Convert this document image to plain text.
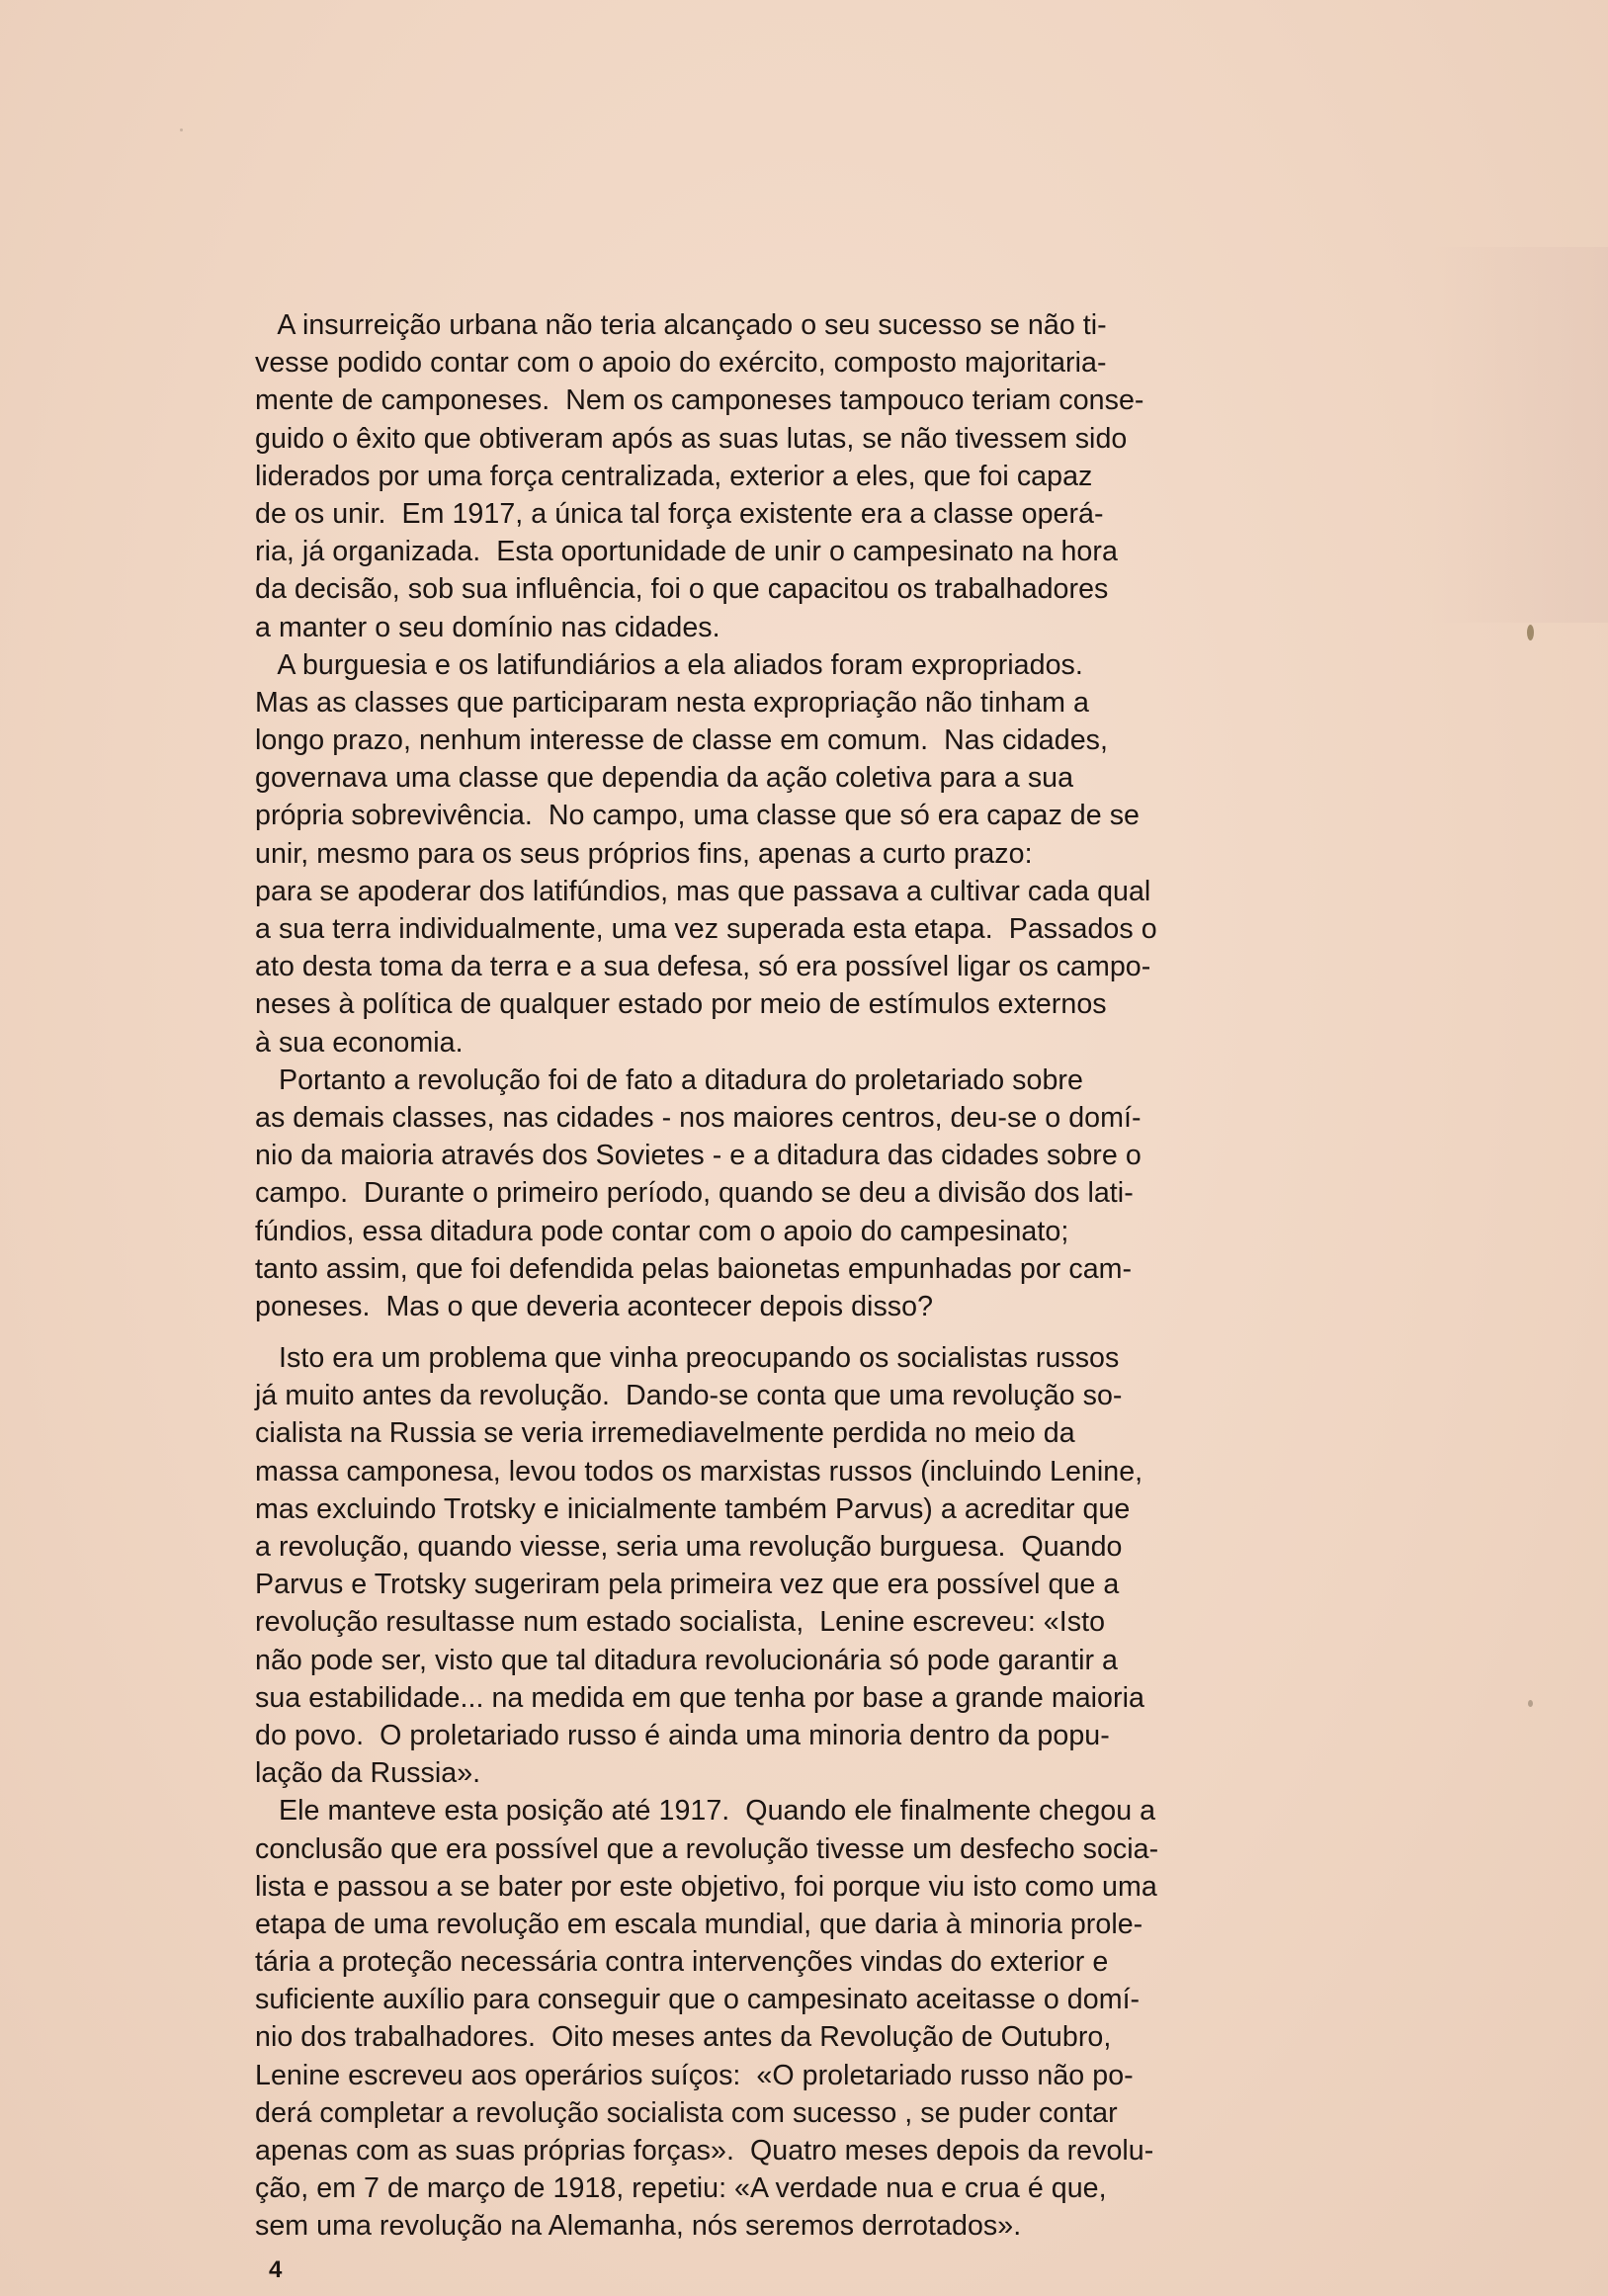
A insurreição urbana não teria alcançado o seu sucesso se não ti-
vesse podido contar com o apoio do exército, composto majoritaria-
mente de camponeses.  Nem os camponeses tampouco teriam conse-
guido o êxito que obtiveram após as suas lutas, se não tivessem sido
liderados por uma força centralizada, exterior a eles, que foi capaz
de os unir.  Em 1917, a única tal força existente era a classe operá-
ria, já organizada.  Esta oportunidade de unir o campesinato na hora
da decisão, sob sua influência, foi o que capacitou os trabalhadores
a manter o seu domínio nas cidades.
A burguesia e os latifundiários a ela aliados foram expropriados.
Mas as classes que participaram nesta expropriação não tinham a
longo prazo, nenhum interesse de classe em comum.  Nas cidades,
governava uma classe que dependia da ação coletiva para a sua
própria sobrevivência.  No campo, uma classe que só era capaz de se
unir, mesmo para os seus próprios fins, apenas a curto prazo:
para se apoderar dos latifúndios, mas que passava a cultivar cada qual
a sua terra individualmente, uma vez superada esta etapa.  Passados o
ato desta toma da terra e a sua defesa, só era possível ligar os campo-
neses à política de qualquer estado por meio de estímulos externos
à sua economia.
Portanto a revolução foi de fato a ditadura do proletariado sobre
as demais classes, nas cidades - nos maiores centros, deu-se o domí-
nio da maioria através dos Sovietes - e a ditadura das cidades sobre o
campo.  Durante o primeiro período, quando se deu a divisão dos lati-
fúndios, essa ditadura pode contar com o apoio do campesinato;
tanto assim, que foi defendida pelas baionetas empunhadas por cam-
poneses.  Mas o que deveria acontecer depois disso?
Isto era um problema que vinha preocupando os socialistas russos
já muito antes da revolução.  Dando-se conta que uma revolução so-
cialista na Russia se veria irremediavelmente perdida no meio da
massa camponesa, levou todos os marxistas russos (incluindo Lenine,
mas excluindo Trotsky e inicialmente também Parvus) a acreditar que
a revolução, quando viesse, seria uma revolução burguesa.  Quando
Parvus e Trotsky sugeriram pela primeira vez que era possível que a
revolução resultasse num estado socialista,  Lenine escreveu: «Isto
não pode ser, visto que tal ditadura revolucionária só pode garantir a
sua estabilidade... na medida em que tenha por base a grande maioria
do povo.  O proletariado russo é ainda uma minoria dentro da popu-
lação da Russia».
Ele manteve esta posição até 1917.  Quando ele finalmente chegou a
conclusão que era possível que a revolução tivesse um desfecho socia-
lista e passou a se bater por este objetivo, foi porque viu isto como uma
etapa de uma revolução em escala mundial, que daria à minoria prole-
tária a proteção necessária contra intervenções vindas do exterior e
suficiente auxílio para conseguir que o campesinato aceitasse o domí-
nio dos trabalhadores.  Oito meses antes da Revolução de Outubro,
Lenine escreveu aos operários suíços:  «O proletariado russo não po-
derá completar a revolução socialista com sucesso , se puder contar
apenas com as suas próprias forças».  Quatro meses depois da revolu-
ção, em 7 de março de 1918, repetiu: «A verdade nua e crua é que,
sem uma revolução na Alemanha, nós seremos derrotados».
4
